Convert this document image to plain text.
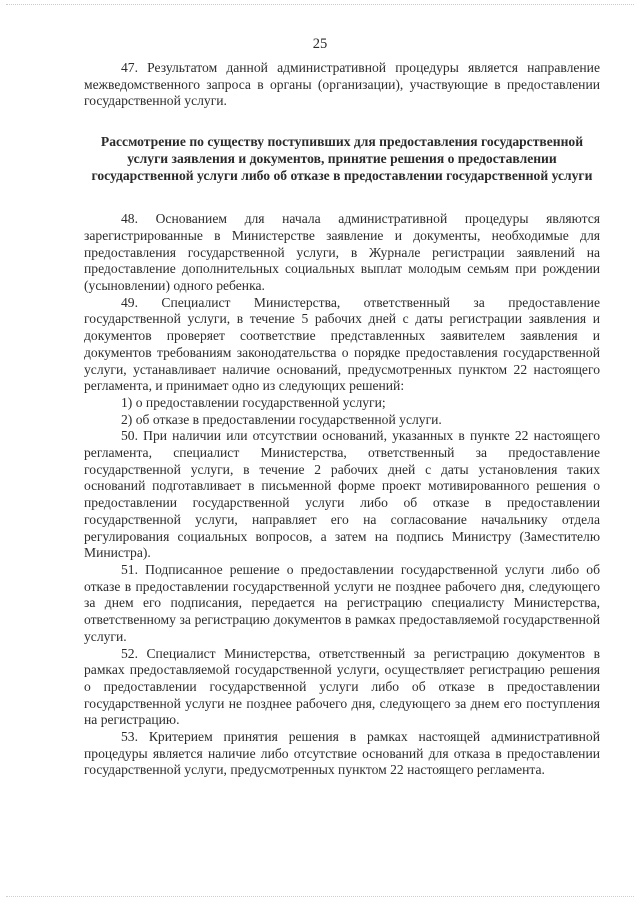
25

47. Результатом данной административной процедуры является направление межведомственного запроса в органы (организации), участвующие в предоставлении государственной услуги.

Рассмотрение по существу поступивших для предоставления государственной услуги заявления и документов, принятие решения о предоставлении государственной услуги либо об отказе в предоставлении государственной услуги

48. Основанием для начала административной процедуры являются зарегистрированные в Министерстве заявление и документы, необходимые для предоставления государственной услуги, в Журнале регистрации заявлений на предоставление дополнительных социальных выплат молодым семьям при рождении (усыновлении) одного ребенка.

49. Специалист Министерства, ответственный за предоставление государственной услуги, в течение 5 рабочих дней с даты регистрации заявления и документов проверяет соответствие представленных заявителем заявления и документов требованиям законодательства о порядке предоставления государственной услуги, устанавливает наличие оснований, предусмотренных пунктом 22 настоящего регламента, и принимает одно из следующих решений:

1) о предоставлении государственной услуги;

2) об отказе в предоставлении государственной услуги.

50. При наличии или отсутствии оснований, указанных в пункте 22 настоящего регламента, специалист Министерства, ответственный за предоставление государственной услуги, в течение 2 рабочих дней с даты установления таких оснований подготавливает в письменной форме проект мотивированного решения о предоставлении государственной услуги либо об отказе в предоставлении государственной услуги, направляет его на согласование начальнику отдела регулирования социальных вопросов, а затем на подпись Министру (Заместителю Министра).

51. Подписанное решение о предоставлении государственной услуги либо об отказе в предоставлении государственной услуги не позднее рабочего дня, следующего за днем его подписания, передается на регистрацию специалисту Министерства, ответственному за регистрацию документов в рамках предоставляемой государственной услуги.

52. Специалист Министерства, ответственный за регистрацию документов в рамках предоставляемой государственной услуги, осуществляет регистрацию решения о предоставлении государственной услуги либо об отказе в предоставлении государственной услуги не позднее рабочего дня, следующего за днем его поступления на регистрацию.

53. Критерием принятия решения в рамках настоящей административной процедуры является наличие либо отсутствие оснований для отказа в предоставлении государственной услуги, предусмотренных пунктом 22 настоящего регламента.
